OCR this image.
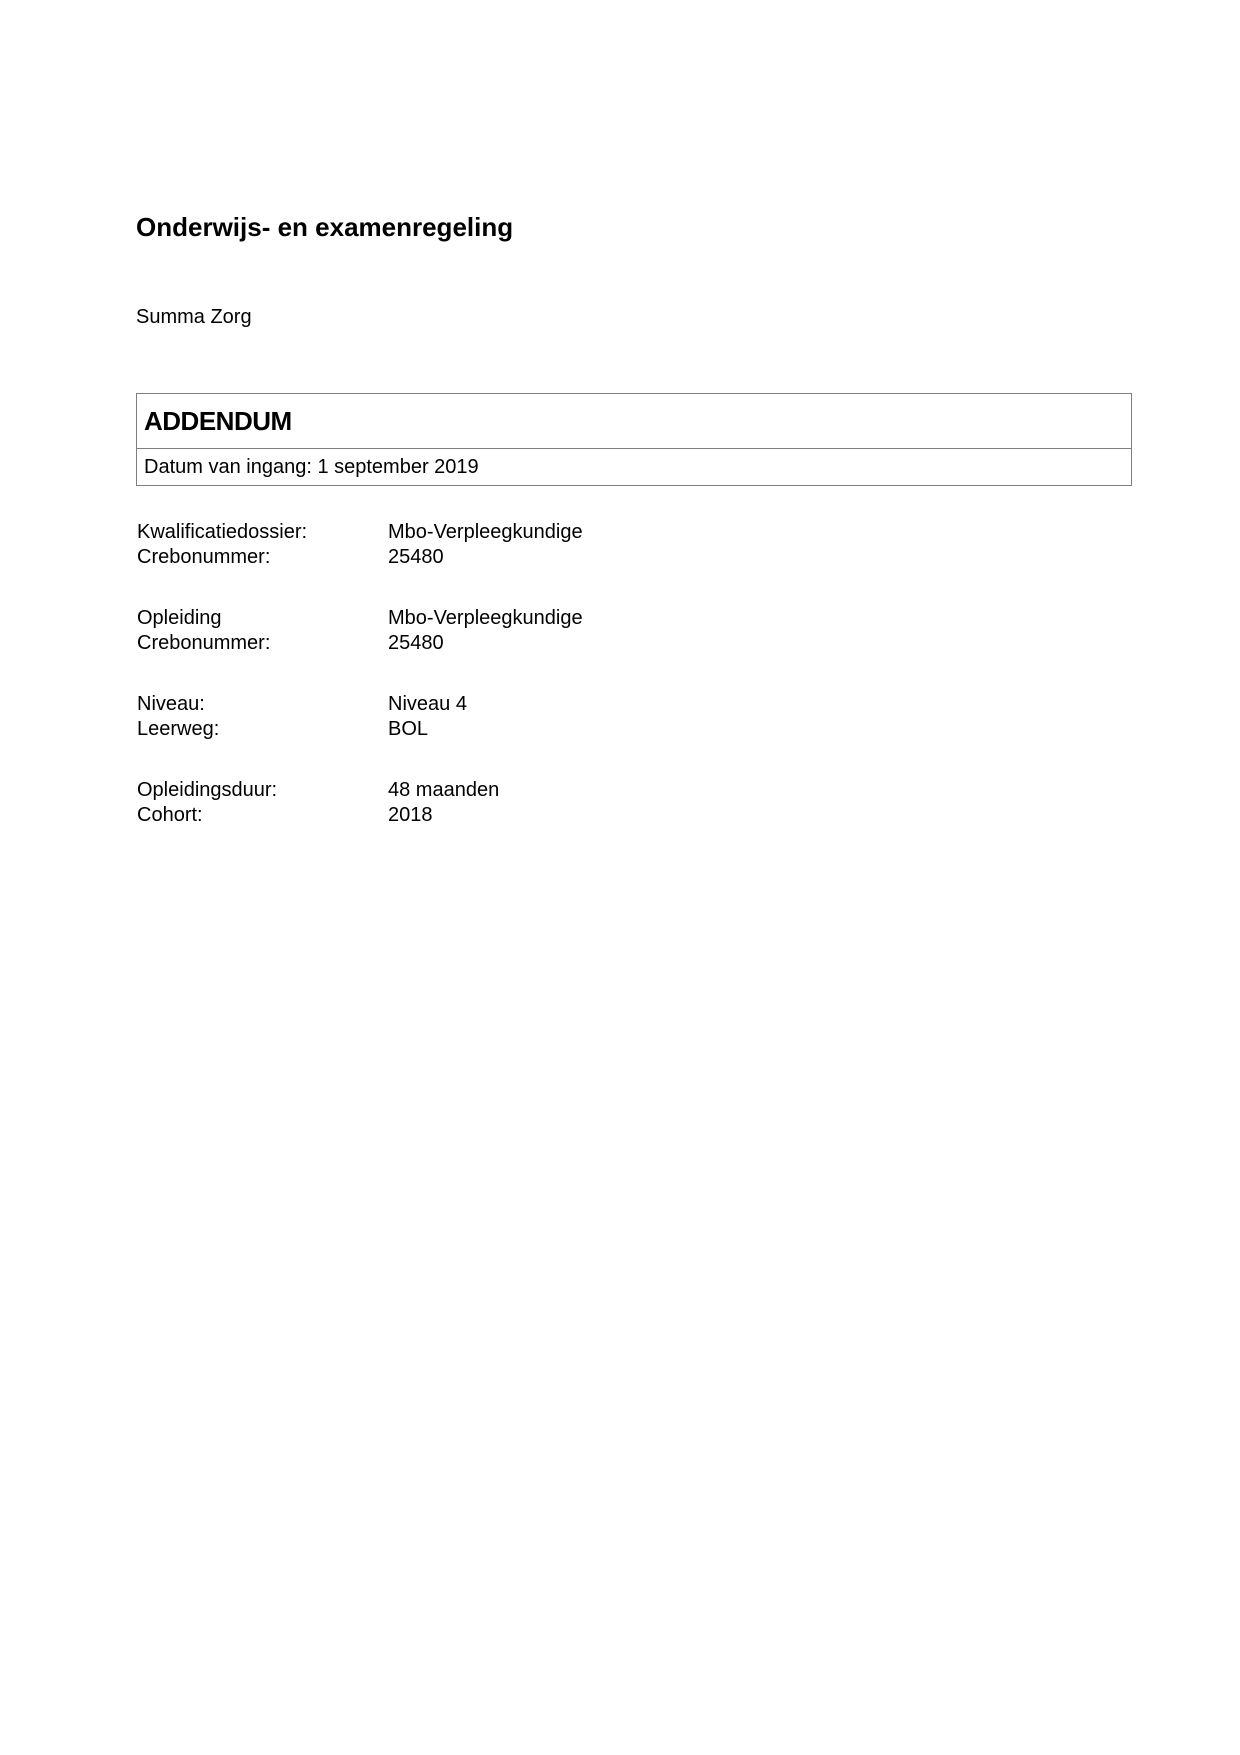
Onderwijs- en examenregeling
Summa Zorg
ADDENDUM
Datum van ingang: 1 september 2019
Kwalificatiedossier:	Mbo-Verpleegkundige
Crebonummer:	25480
Opleiding	Mbo-Verpleegkundige
Crebonummer:	25480
Niveau:	Niveau 4
Leerweg:	BOL
Opleidingsduur:	48 maanden
Cohort:	2018
